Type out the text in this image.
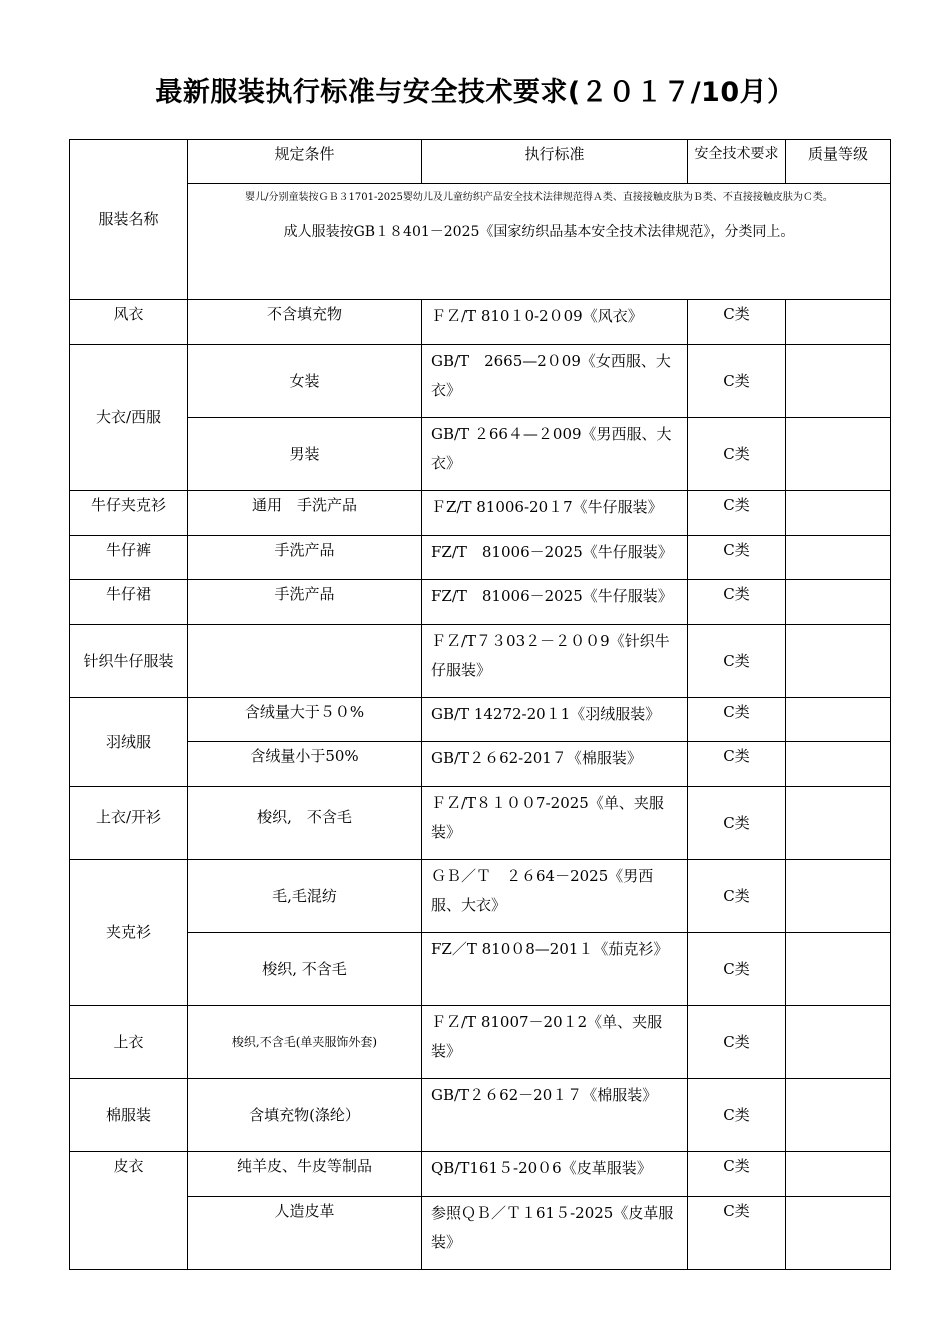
最新服装执行标准与安全技术要求(２０１７/10月）
服装名称	规定条件	执行标准	安全技术要求	质量等级

	婴儿/分别童装按ＧＢ３1701-2025婴幼儿及儿童纺织产品安全技术法律规范得Ａ类、直接接触皮肤为Ｂ类、不直接接触皮肤为Ｃ类。
成人服装按GB１８401－2025《国家纺织品基本安全技术法律规范》，分类同上。			

风衣	不含填充物	ＦＺ/T 810１0-2０09《风衣》	C类	
大衣/西服	女装	GB/T　2665—2０09《女西服、大衣》	C类	
	男装	GB/T ２66４—２009《男西服、大衣》	C类	
牛仔夹克衫	通用　手洗产品	ＦZ/T 81006-20１7《牛仔服装》	C类	
牛仔裤	手洗产品	FZ/T　81006－2025《牛仔服装》	C类	
牛仔裙	手洗产品	FZ/T　81006－2025《牛仔服装》	C类	
针织牛仔服装		ＦＺ/T７３03２－２００9《针织牛仔服装》	C类	
羽绒服	含绒量大于５０%	GB/T 14272-20１1《羽绒服装》	C类	
	含绒量小于50%	GB/T２６62-201７《棉服装》	C类	
上衣/开衫	梭织,　不含毛	ＦＺ/T８１００7-2025《单、夹服装》	C类	
夹克衫	毛,毛混纺	ＧＢ／Ｔ　２６64－2025《男西服、大衣》	C类	
	梭织, 不含毛	FZ／T 810０8—201１《茄克衫》	C类	
上衣	梭织,不含毛(单夹服饰外套)	ＦＺ/T 81007－20１2《单、夹服装》	C类	
棉服装	含填充物(涤纶）	GB/T２６62－20１７《棉服装》	C类	
皮衣	纯羊皮、牛皮等制品	QB/T161５-20０6《皮革服装》	C类	
	人造皮革	参照ＱＢ／Ｔ１61５-2025《皮革服装》	C类	
